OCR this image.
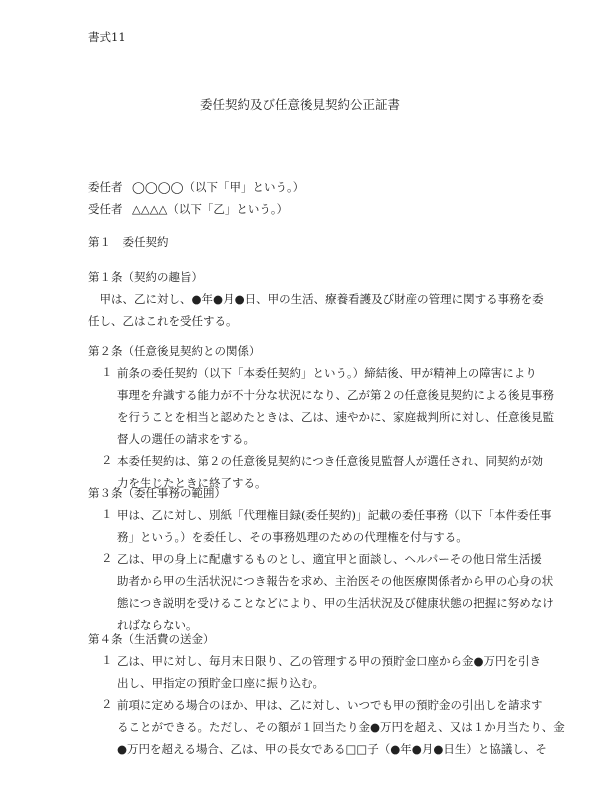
書式11
委任契約及び任意後見契約公正証書
委任者 ◯◯◯◯（以下「甲」という。）
受任者 △△△△（以下「乙」という。）
第１　委任契約
第１条（契約の趣旨）
甲は、乙に対し、●年●月●日、甲の生活、療養看護及び財産の管理に関する事務を委
任し、乙はこれを受任する。
第２条（任意後見契約との関係）
１ 前条の委任契約（以下「本委任契約」という。）締結後、甲が精神上の障害により
事理を弁識する能力が不十分な状況になり、乙が第２の任意後見契約による後見事務
を行うことを相当と認めたときは、乙は、速やかに、家庭裁判所に対し、任意後見監
督人の選任の請求をする。
２ 本委任契約は、第２の任意後見契約につき任意後見監督人が選任され、同契約が効
力を生じたときに終了する。
第３条（委任事務の範囲）
１ 甲は、乙に対し、別紙「代理権目録(委任契約)」記載の委任事務（以下「本件委任事
務」という。）を委任し、その事務処理のための代理権を付与する。
２ 乙は、甲の身上に配慮するものとし、適宜甲と面談し、ヘルパーその他日常生活援
助者から甲の生活状況につき報告を求め、主治医その他医療関係者から甲の心身の状
態につき説明を受けることなどにより、甲の生活状況及び健康状態の把握に努めなけ
ればならない。
第４条（生活費の送金）
１ 乙は、甲に対し、毎月末日限り、乙の管理する甲の預貯金口座から金●万円を引き
出し、甲指定の預貯金口座に振り込む。
２ 前項に定める場合のほか、甲は、乙に対し、いつでも甲の預貯金の引出しを請求す
ることができる。ただし、その額が１回当たり金●万円を超え、又は１か月当たり、金
●万円を超える場合、乙は、甲の長女である□□子（●年●月●日生）と協議し、そ
